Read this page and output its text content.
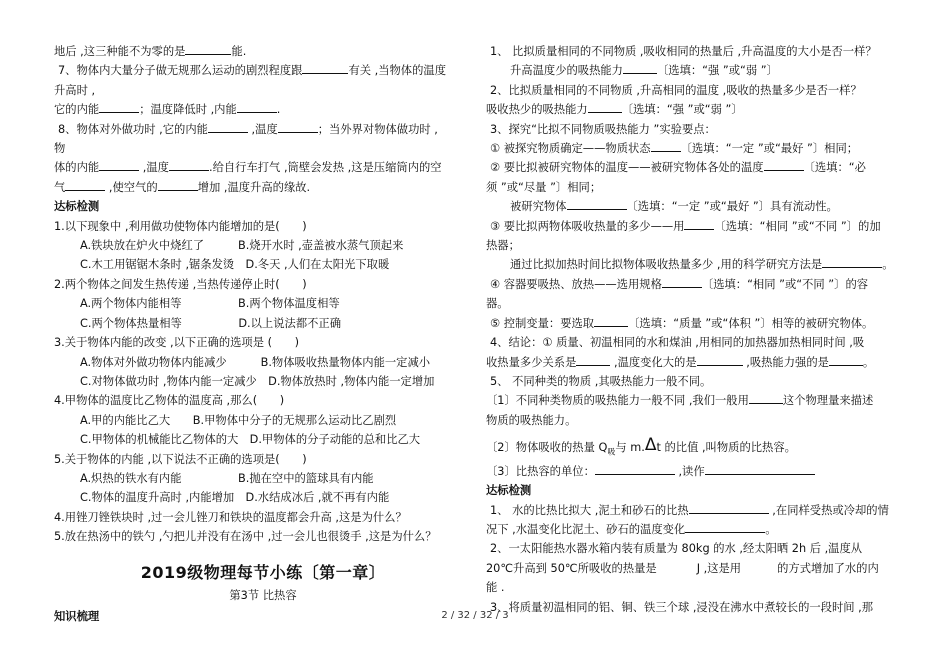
地后 ,这三种能不为零的是	能.
7、物体内大量分子做无规那么运动的剧烈程度跟	有关 ,当物体的温度
升高时 ,
它的内能	；温度降低时 ,内能	.
8、物体对外做功时 ,它的内能	,温度	；当外界对物体做功时 ,
物
体的内能	,温度	.给自行车打气 ,筒壁会发热 ,这是压缩筒内的空
气	,使空气的	增加 ,温度升高的缘故.
达标检测
1.以下现象中 ,利用做功使物体内能增加的是(　　)
A.铁块放在炉火中烧红了　　　B.烧开水时 ,壶盖被水蒸气顶起来
C.木工用锯锯木条时 ,锯条发烫　D.冬天 ,人们在太阳光下取暖
2.两个物体之间发生热传递 ,当热传递停止时(　　)
A.两个物体内能相等　　　　　B.两个物体温度相等
C.两个物体热量相等　　　　　D.以上说法都不正确
3.关于物体内能的改变 ,以下正确的选项是 (　　)
A.物体对外做功物体内能减少　　　B.物体吸收热量物体内能一定减小
C.对物体做功时 ,物体内能一定减少　D.物体放热时 ,物体内能一定增加
4.甲物体的温度比乙物体的温度高 ,那么(　　)
A.甲的内能比乙大　　B.甲物体中分子的无规那么运动比乙剧烈
C.甲物体的机械能比乙物体的大　D.甲物体的分子动能的总和比乙大
5.关于物体的内能 ,以下说法不正确的选项是(　　)
A.炽热的铁水有内能　　　　　B.抛在空中的篮球具有内能
C.物体的温度升高时 ,内能增加　D.水结成冰后 ,就不再有内能
4.用锉刀锉铁块时 ,过一会儿锉刀和铁块的温度都会升高 ,这是为什么？
5.放在热汤中的铁勺 ,勺把儿并没有在汤中 ,过一会儿也很烫手 ,这是为什么？
2019级物理每节小练〔第一章〕
第3节 比热容
知识梳理
1、 比拟质量相同的不同物质 ,吸收相同的热量后 ,升高温度的大小是否一样？
升高温度少的吸热能力	〔选填：“强 ”或“弱 ”〕
2、比拟质量相同的不同物质 ,升高相同的温度 ,吸收的热量多少是否一样？
吸收热少的吸热能力	〔选填：“强 ”或“弱 ”〕
3、探究“比拟不同物质吸热能力 ”实验要点：
① 被探究物质确定——物质状态	〔选填：“一定 ”或“最好 ”〕相同；
② 要比拟被研究物体的温度——被研究物体各处的温度	〔选填：“必
须 ”或“尽量 ”〕相同；
被研究物体	〔选填：“一定 ”或“最好 ”〕具有流动性。
③ 要比拟两物体吸收热量的多少——用	〔选填：“相同 ”或“不同 ”〕的加
热器；
通过比拟加热时间比拟物体吸收热量多少 ,用的科学研究方法是	。
④ 容器要吸热、放热——选用规格	〔选填：“相同 ”或“不同 ”〕的容
器。
⑤ 控制变量：要选取	〔选填：“质量 ”或“体积 ”〕相等的被研究物体。
4、结论：① 质量、初温相同的水和煤油 ,用相同的加热器加热相同时间 ,吸
收热量多少关系是	,温度变化大的是	,吸热能力强的是	。
5、 不同种类的物质 ,其吸热能力一般不同。
〔1〕不同种类物质的吸热能力一般不同 ,我们一般用	这个物理量来描述
物质的吸热能力。
〔2〕物体吸收的热量 $Q_吸$与 m.Δt 的比值 ,叫物质的比热容。
〔3〕比热容的单位：	,读作
达标检测
1、 水的比热比拟大 ,泥土和砂石的比热	,在同样受热或冷却的情
况下 ,水温变化比泥土、砂石的温度变化	。
2、一太阳能热水器水箱内装有质量为 80kg 的水 ,经太阳晒 2h 后 ,温度从
20℃升高到 50℃所吸收的热量是	J ,这是用	的方式增加了水的内
能 .
3、将质量初温相同的铝、铜、铁三个球 ,浸没在沸水中煮较长的一段时间 ,那
2 / 32 / 32 / 3
